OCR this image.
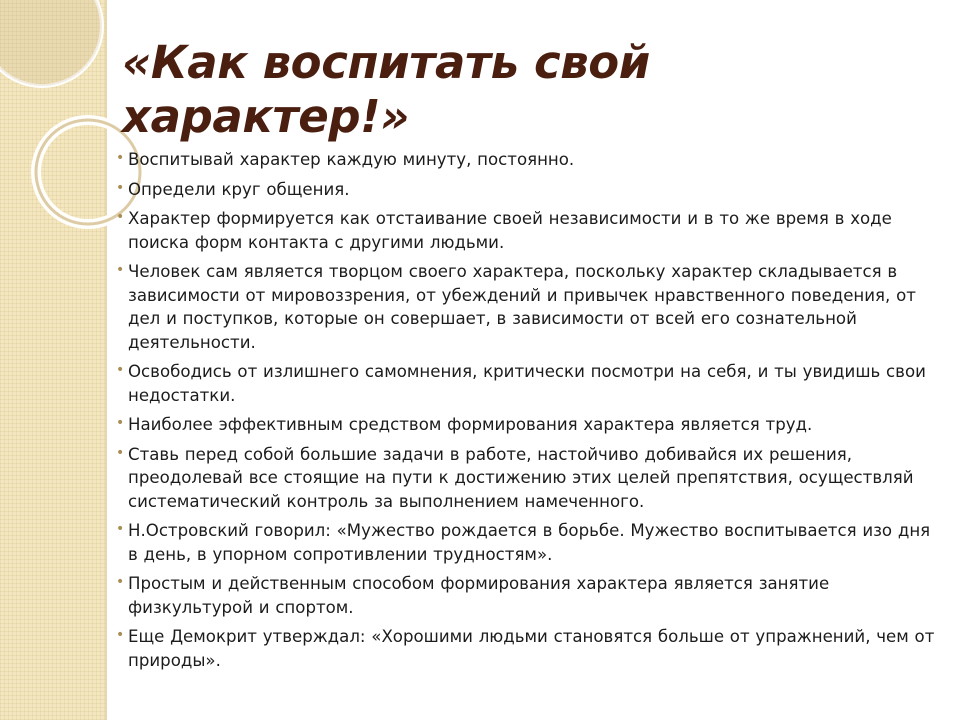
«Как воспитать свой
характер!»
• Воспитывай характер каждую минуту, постоянно.
• Определи круг общения.
• Характер формируется как отстаивание своей независимости и в то же время в ходе поиска форм контакта с другими людьми.
• Человек сам является творцом своего характера, поскольку характер складывается в зависимости от мировоззрения, от убеждений и привычек нравственного поведения, от дел и поступков, которые он совершает, в зависимости от всей его сознательной деятельности.
• Освободись от излишнего самомнения, критически посмотри на себя, и ты увидишь свои недостатки.
• Наиболее эффективным средством формирования характера является труд.
• Ставь перед собой большие задачи в работе, настойчиво добивайся их решения, преодолевай все стоящие на пути к достижению этих целей препятствия, осуществляй систематический контроль за выполнением намеченного.
• Н.Островский говорил: «Мужество рождается в борьбе. Мужество воспитывается изо дня в день, в упорном сопротивлении трудностям».
• Простым и действенным способом формирования характера является занятие физкультурой и спортом.
• Еще Демокрит утверждал: «Хорошими людьми становятся больше от упражнений, чем от природы».
